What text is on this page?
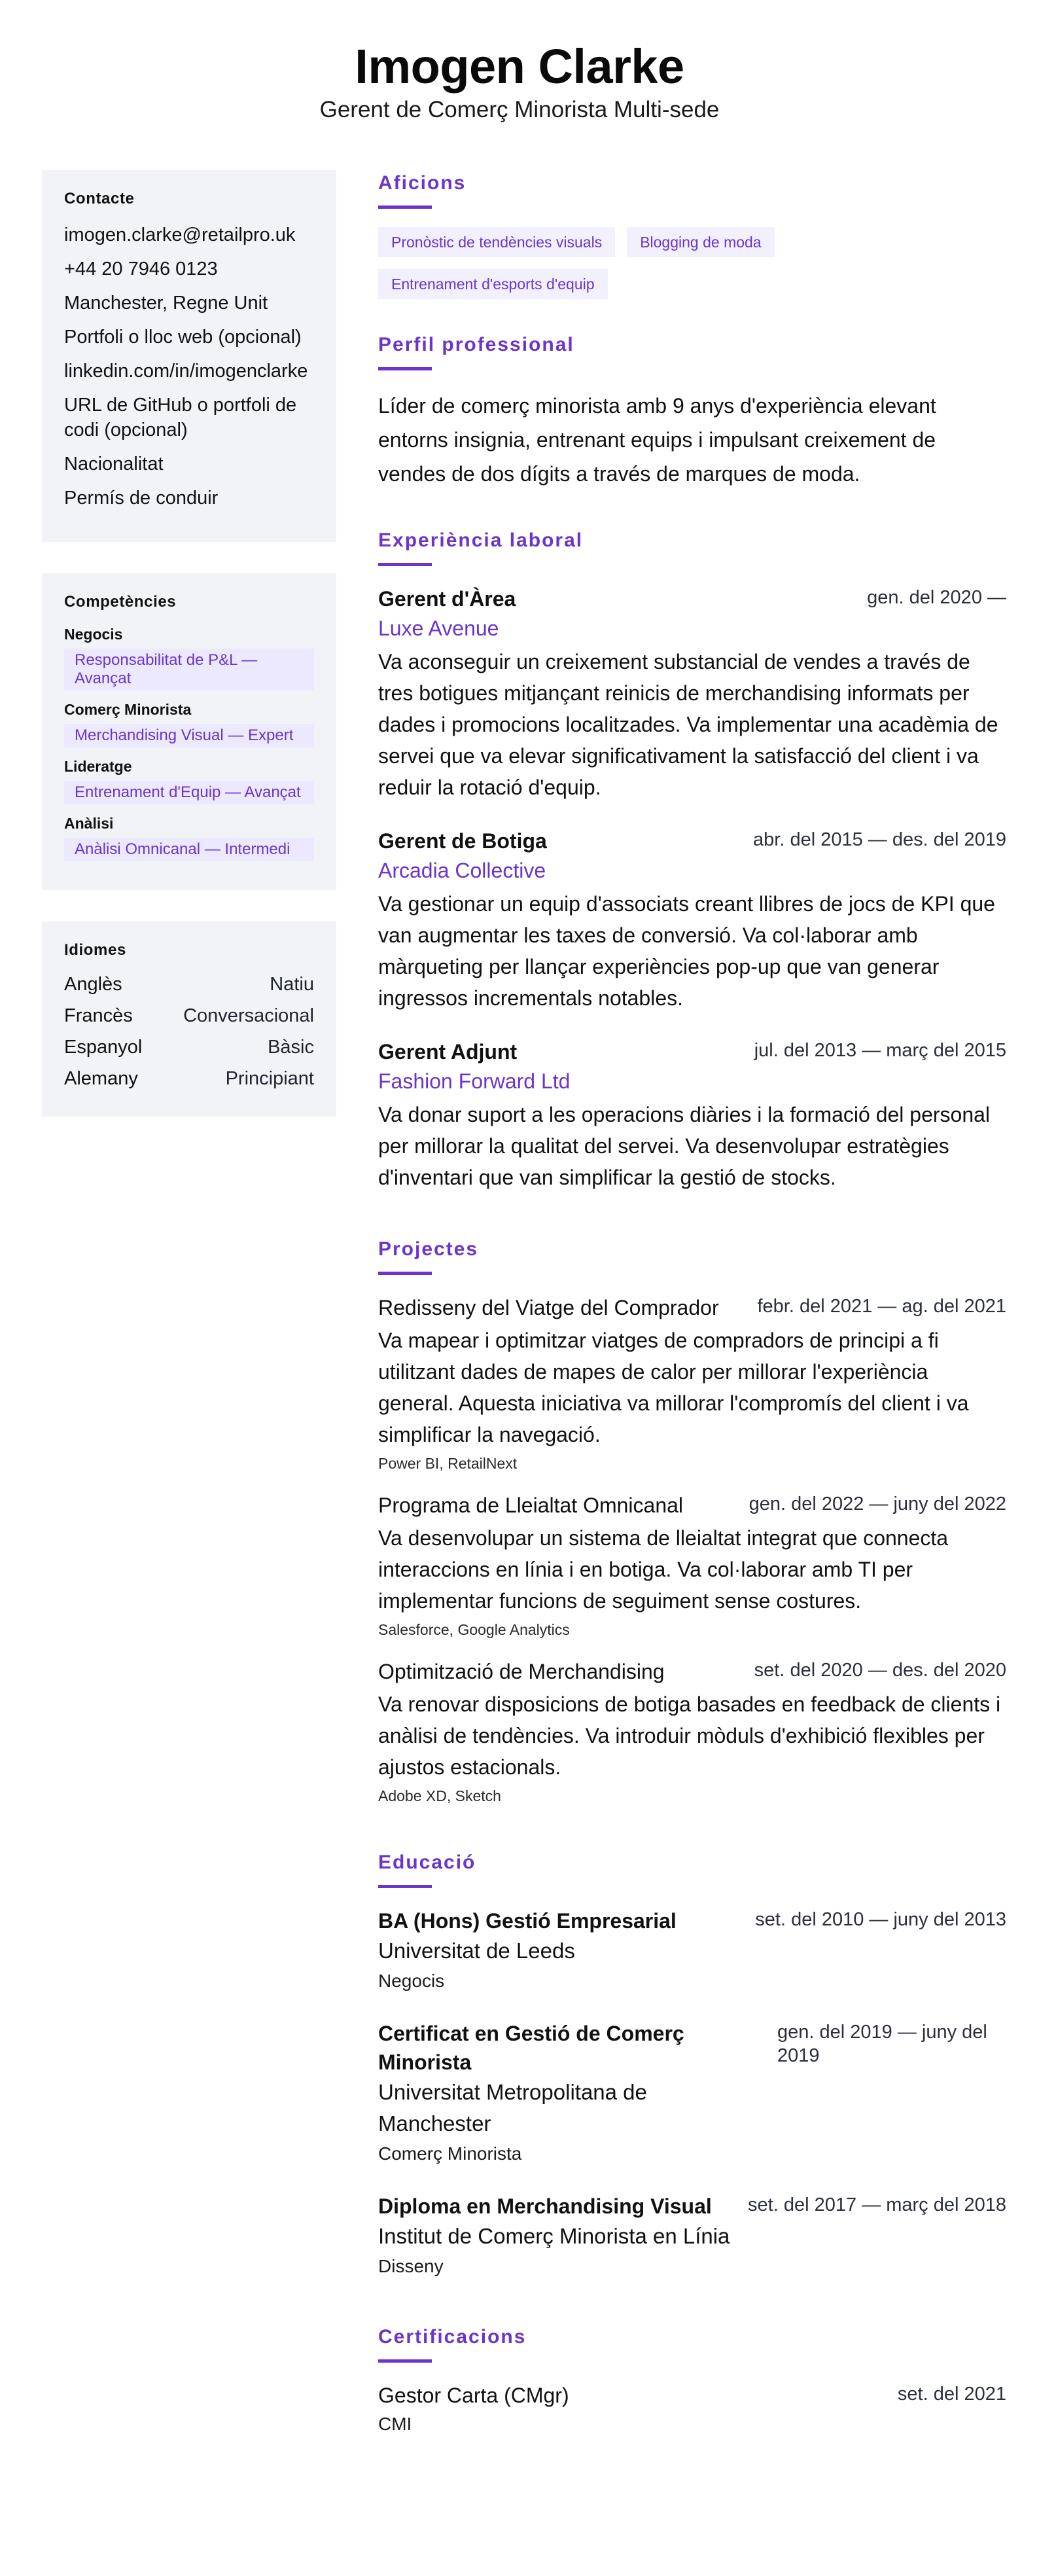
Imogen Clarke
Gerent de Comerç Minorista Multi-sede
Contacte
imogen.clarke@retailpro.uk
+44 20 7946 0123
Manchester, Regne Unit
Portfoli o lloc web (opcional)
linkedin.com/in/imogenclarke
URL de GitHub o portfoli de codi (opcional)
Nacionalitat
Permís de conduir
Competències
Negocis
Responsabilitat de P&L — Avançat
Comerç Minorista
Merchandising Visual — Expert
Lideratge
Entrenament d'Equip — Avançat
Anàlisi
Anàlisi Omnicanal — Intermedi
Idiomes
Anglès	Natiu
Francès	Conversacional
Espanyol	Bàsic
Alemany	Principiant
Aficions
Pronòstic de tendències visuals	Blogging de moda
Entrenament d'esports d'equip
Perfil professional

Líder de comerç minorista amb 9 anys d'experiència elevant entorns insignia, entrenant equips i impulsant creixement de vendes de dos dígits a través de marques de moda.

Experiència laboral
Gerent d'Àrea	gen. del 2020 —
Luxe Avenue

Va aconseguir un creixement substancial de vendes a través de tres botigues mitjançant reinicis de merchandising informats per dades i promocions localitzades. Va implementar una acadèmia de servei que va elevar significativament la satisfacció del client i va reduir la rotació d'equip.

Gerent de Botiga	abr. del 2015 — des. del 2019
Arcadia Collective

Va gestionar un equip d'associats creant llibres de jocs de KPI que van augmentar les taxes de conversió. Va col·laborar amb màrqueting per llançar experiències pop-up que van generar ingressos incrementals notables.

Gerent Adjunt	jul. del 2013 — març del 2015
Fashion Forward Ltd

Va donar suport a les operacions diàries i la formació del personal per millorar la qualitat del servei. Va desenvolupar estratègies d'inventari que van simplificar la gestió de stocks.

Projectes
Redisseny del Viatge del Comprador febr. del 2021 — ag. del 2021

Va mapear i optimitzar viatges de compradors de principi a fi utilitzant dades de mapes de calor per millorar l'experiència general. Aquesta iniciativa va millorar l'compromís del client i va simplificar la navegació.

Power BI, RetailNext
Programa de Lleialtat Omnicanal	gen. del 2022 — juny del 2022

Va desenvolupar un sistema de lleialtat integrat que connecta interaccions en línia i en botiga. Va col·laborar amb TI per implementar funcions de seguiment sense costures.

Salesforce, Google Analytics
Optimització de Merchandising	set. del 2020 — des. del 2020

Va renovar disposicions de botiga basades en feedback de clients i anàlisi de tendències. Va introduir mòduls d'exhibició flexibles per ajustos estacionals.

Adobe XD, Sketch
Educació
BA (Hons) Gestió Empresarial	set. del 2010 — juny del 2013
Universitat de Leeds
Negocis
Certificat en Gestió de Comerç Minorista
gen. del 2019 — juny del 2019
Universitat Metropolitana de Manchester
Comerç Minorista
Diploma en Merchandising Visual set. del 2017 — març del 2018
Institut de Comerç Minorista en Línia
Disseny
Certificacions
Gestor Carta (CMgr)	set. del 2021
CMI
